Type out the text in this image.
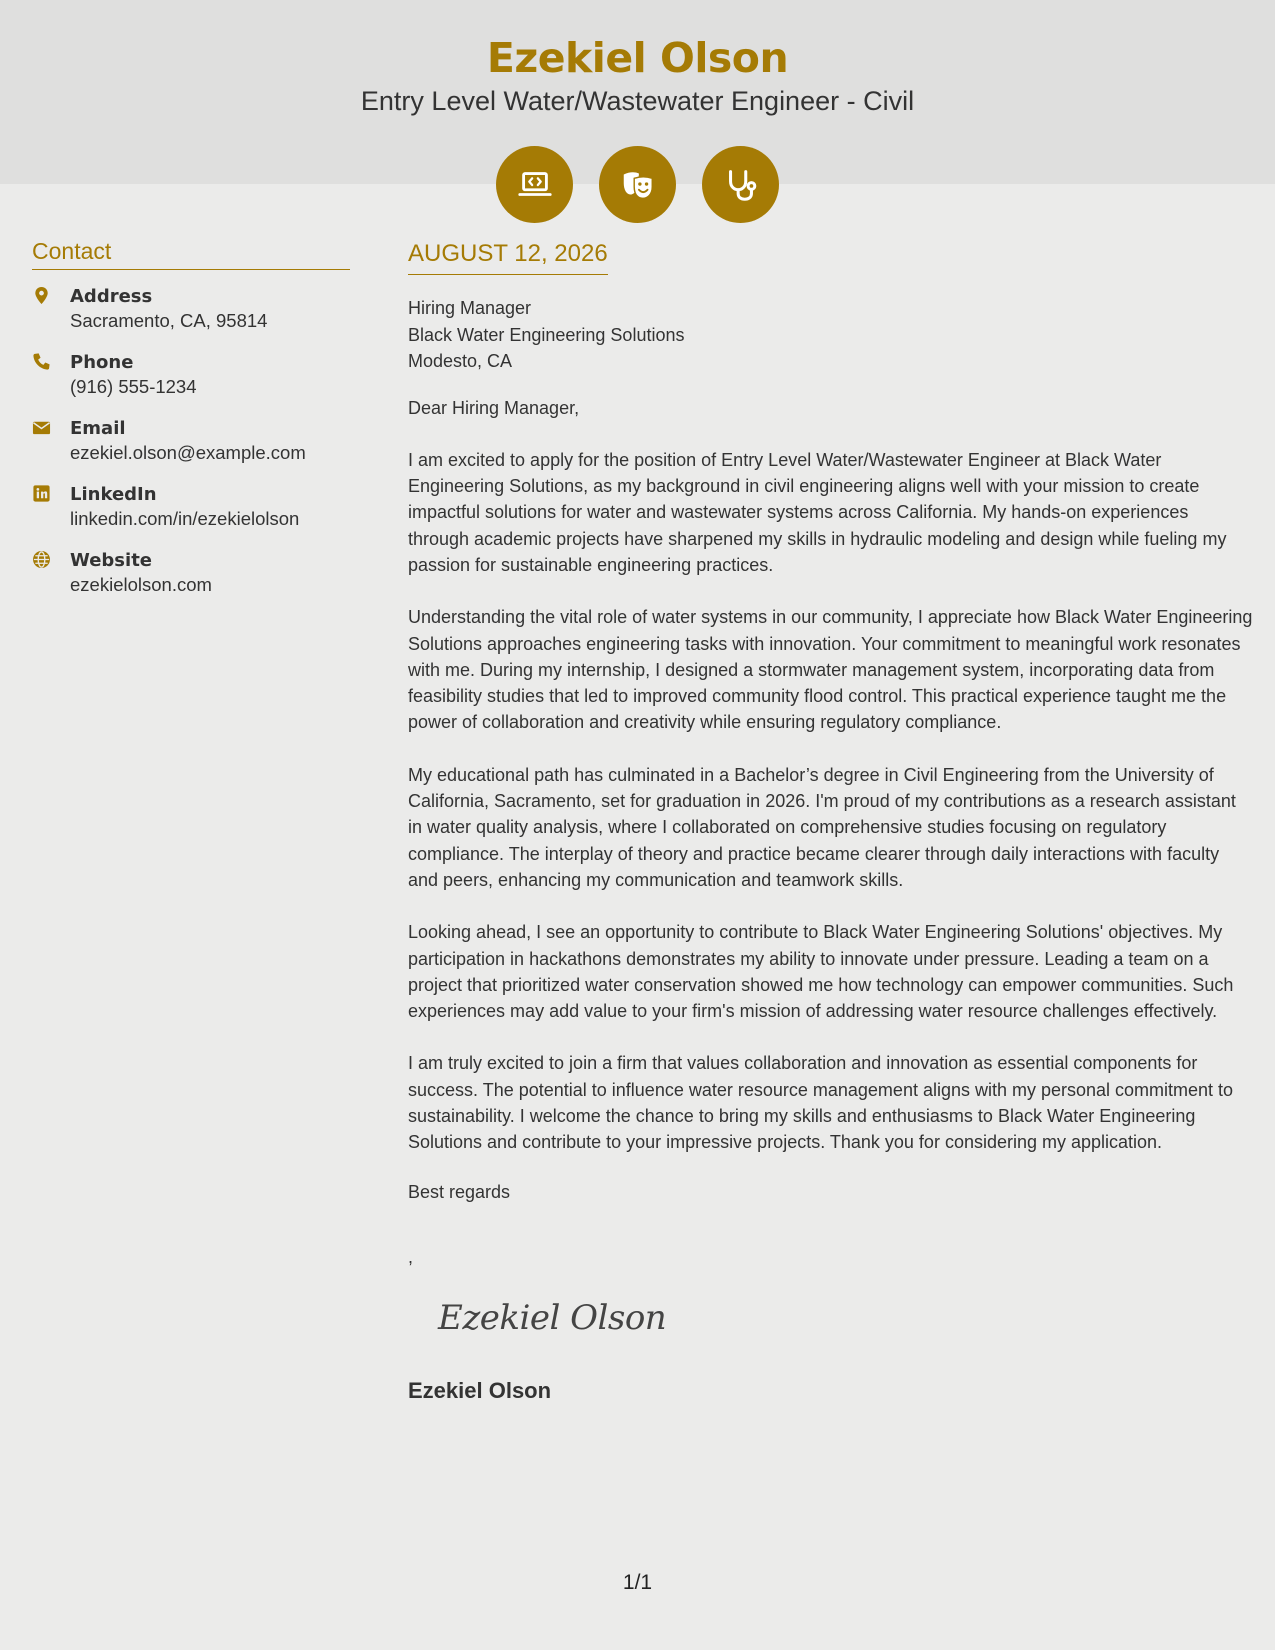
Ezekiel Olson
Entry Level Water/Wastewater Engineer - Civil
Contact
Address
Sacramento, CA, 95814
Phone
(916) 555-1234
Email
ezekiel.olson@example.com
LinkedIn
linkedin.com/in/ezekielolson
Website
ezekielolson.com
AUGUST 12, 2026
Hiring Manager
Black Water Engineering Solutions
Modesto, CA
Dear Hiring Manager,

I am excited to apply for the position of Entry Level Water/Wastewater Engineer at Black Water Engineering Solutions, as my background in civil engineering aligns well with your mission to create impactful solutions for water and wastewater systems across California. My hands-on experiences through academic projects have sharpened my skills in hydraulic modeling and design while fueling my passion for sustainable engineering practices.

Understanding the vital role of water systems in our community, I appreciate how Black Water Engineering Solutions approaches engineering tasks with innovation. Your commitment to meaningful work resonates with me. During my internship, I designed a stormwater management system, incorporating data from feasibility studies that led to improved community flood control. This practical experience taught me the power of collaboration and creativity while ensuring regulatory compliance.

My educational path has culminated in a Bachelor’s degree in Civil Engineering from the University of California, Sacramento, set for graduation in 2026. I'm proud of my contributions as a research assistant in water quality analysis, where I collaborated on comprehensive studies focusing on regulatory compliance. The interplay of theory and practice became clearer through daily interactions with faculty and peers, enhancing my communication and teamwork skills.

Looking ahead, I see an opportunity to contribute to Black Water Engineering Solutions' objectives. My participation in hackathons demonstrates my ability to innovate under pressure. Leading a team on a project that prioritized water conservation showed me how technology can empower communities. Such experiences may add value to your firm's mission of addressing water resource challenges effectively.

I am truly excited to join a firm that values collaboration and innovation as essential components for success. The potential to influence water resource management aligns with my personal commitment to sustainability. I welcome the chance to bring my skills and enthusiasms to Black Water Engineering Solutions and contribute to your impressive projects. Thank you for considering my application.

Best regards
,
Ezekiel Olson
Ezekiel Olson
1/1
